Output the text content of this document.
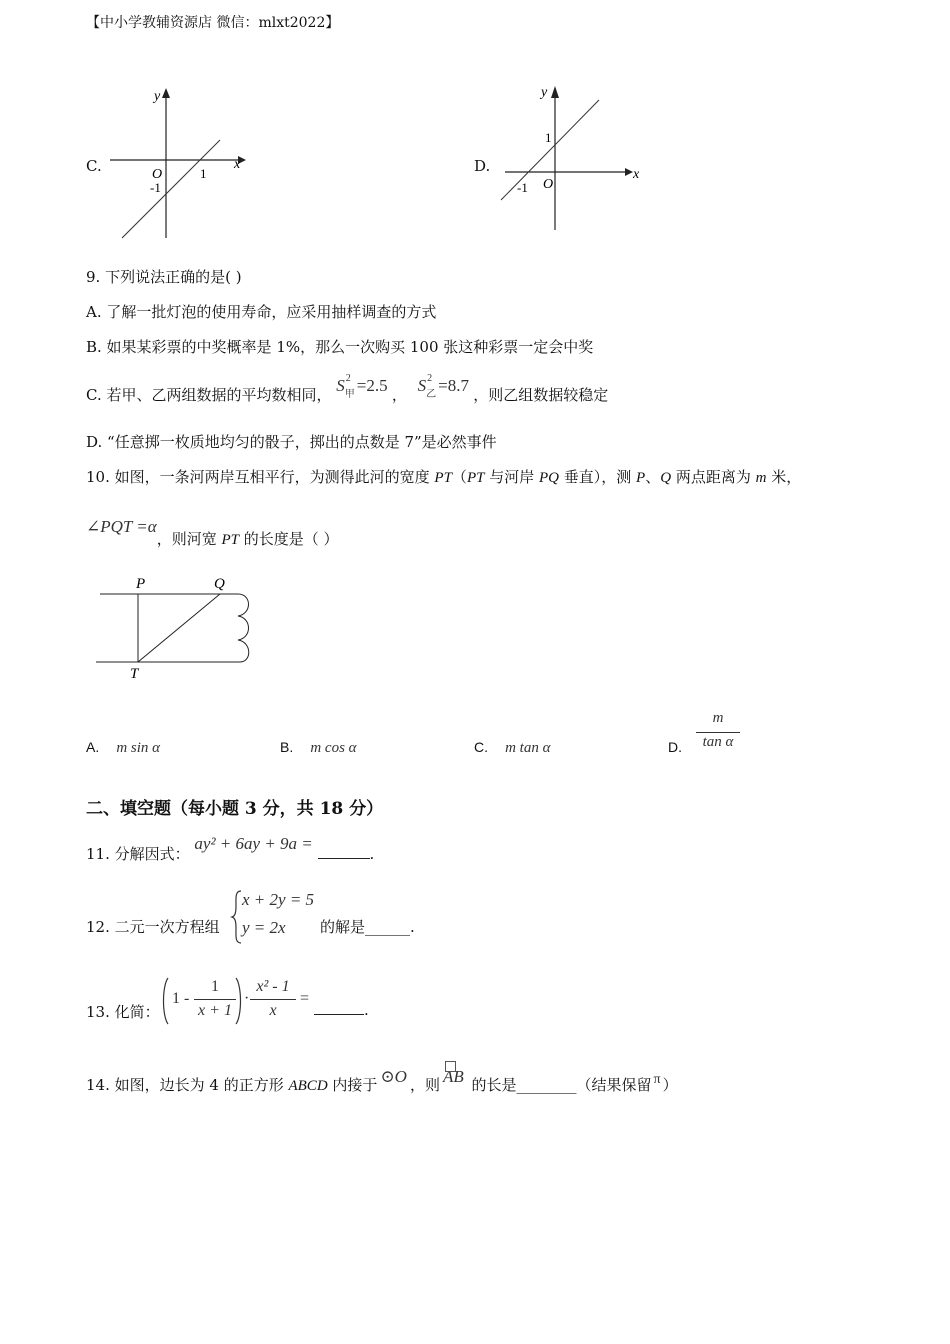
【中小学教辅资源店 微信：mlxt2022】
C.	x
y
O
-1
1	D.	x
y
O
1
-1
9. 下列说法正确的是( )
A. 了解一批灯泡的使用寿命，应采用抽样调查的方式
B. 如果某彩票的中奖概率是 1%，那么一次购买 100 张这种彩票一定会中奖
C. 若甲、乙两组数据的平均数相同， S 2
甲 =2.5 ， S 2
乙 =8.7 ，则乙组数据较稳定
D. “任意掷一枚质地均匀的骰子，掷出的点数是 7”是必然事件
10. 如图，一条河两岸互相平行，为测得此河的宽度 PT（PT 与河岸 PQ 垂直），测 P、Q 两点距离为 m 米，
∠PQT =α，则河宽 PT 的长度是（ ）
P	Q
T
A. m sin α	B. m cos α	C. m tan α	D.
m
tan α
二、填空题（每小题 3 分，共 18 分）
11. 分解因式： ay² + 6ay + 9a = .
12. 二元一次方程组
x + 2y = 5
y = 2x 的解是______.
13. 化简：
1 -
1
x + 1
·
x² - 1
x
=
.
14. 如图，边长为 4 的正方形 ABCD 内接于 ⊙O ，则 AB 的长是________（结果保留 π ）
